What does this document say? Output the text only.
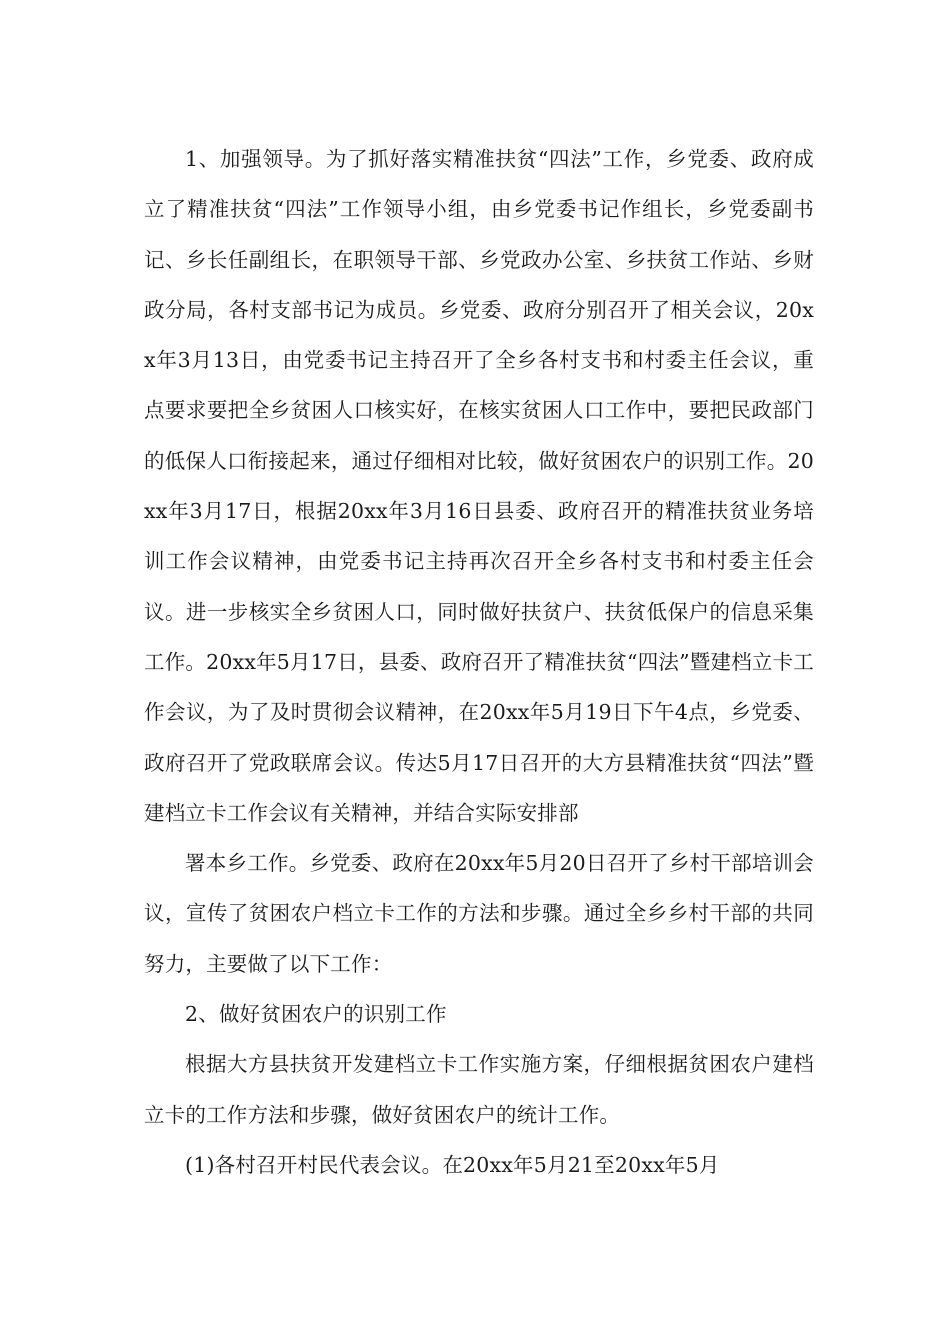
1、加强领导。为了抓好落实精准扶贫“四法”工作，乡党委、政府成立了精准扶贫“四法”工作领导小组，由乡党委书记作组长，乡党委副书记、乡长任副组长，在职领导干部、乡党政办公室、乡扶贫工作站、乡财政分局，各村支部书记为成员。乡党委、政府分别召开了相关会议，20xx年3月13日，由党委书记主持召开了全乡各村支书和村委主任会议，重点要求要把全乡贫困人口核实好，在核实贫困人口工作中，要把民政部门的低保人口衔接起来，通过仔细相对比较，做好贫困农户的识别工作。20xx年3月17日，根据20xx年3月16日县委、政府召开的精准扶贫业务培训工作会议精神，由党委书记主持再次召开全乡各村支书和村委主任会议。进一步核实全乡贫困人口，同时做好扶贫户、扶贫低保户的信息采集工作。20xx年5月17日，县委、政府召开了精准扶贫“四法”暨建档立卡工作会议，为了及时贯彻会议精神，在20xx年5月19日下午4点，乡党委、政府召开了党政联席会议。传达5月17日召开的大方县精准扶贫“四法”暨建档立卡工作会议有关精神，并结合实际安排部

署本乡工作。乡党委、政府在20xx年5月20日召开了乡村干部培训会议，宣传了贫困农户档立卡工作的方法和步骤。通过全乡乡村干部的共同努力，主要做了以下工作：

2、做好贫困农户的识别工作

根据大方县扶贫开发建档立卡工作实施方案，仔细根据贫困农户建档立卡的工作方法和步骤，做好贫困农户的统计工作。

(1)各村召开村民代表会议。在20xx年5月21至20xx年5月
